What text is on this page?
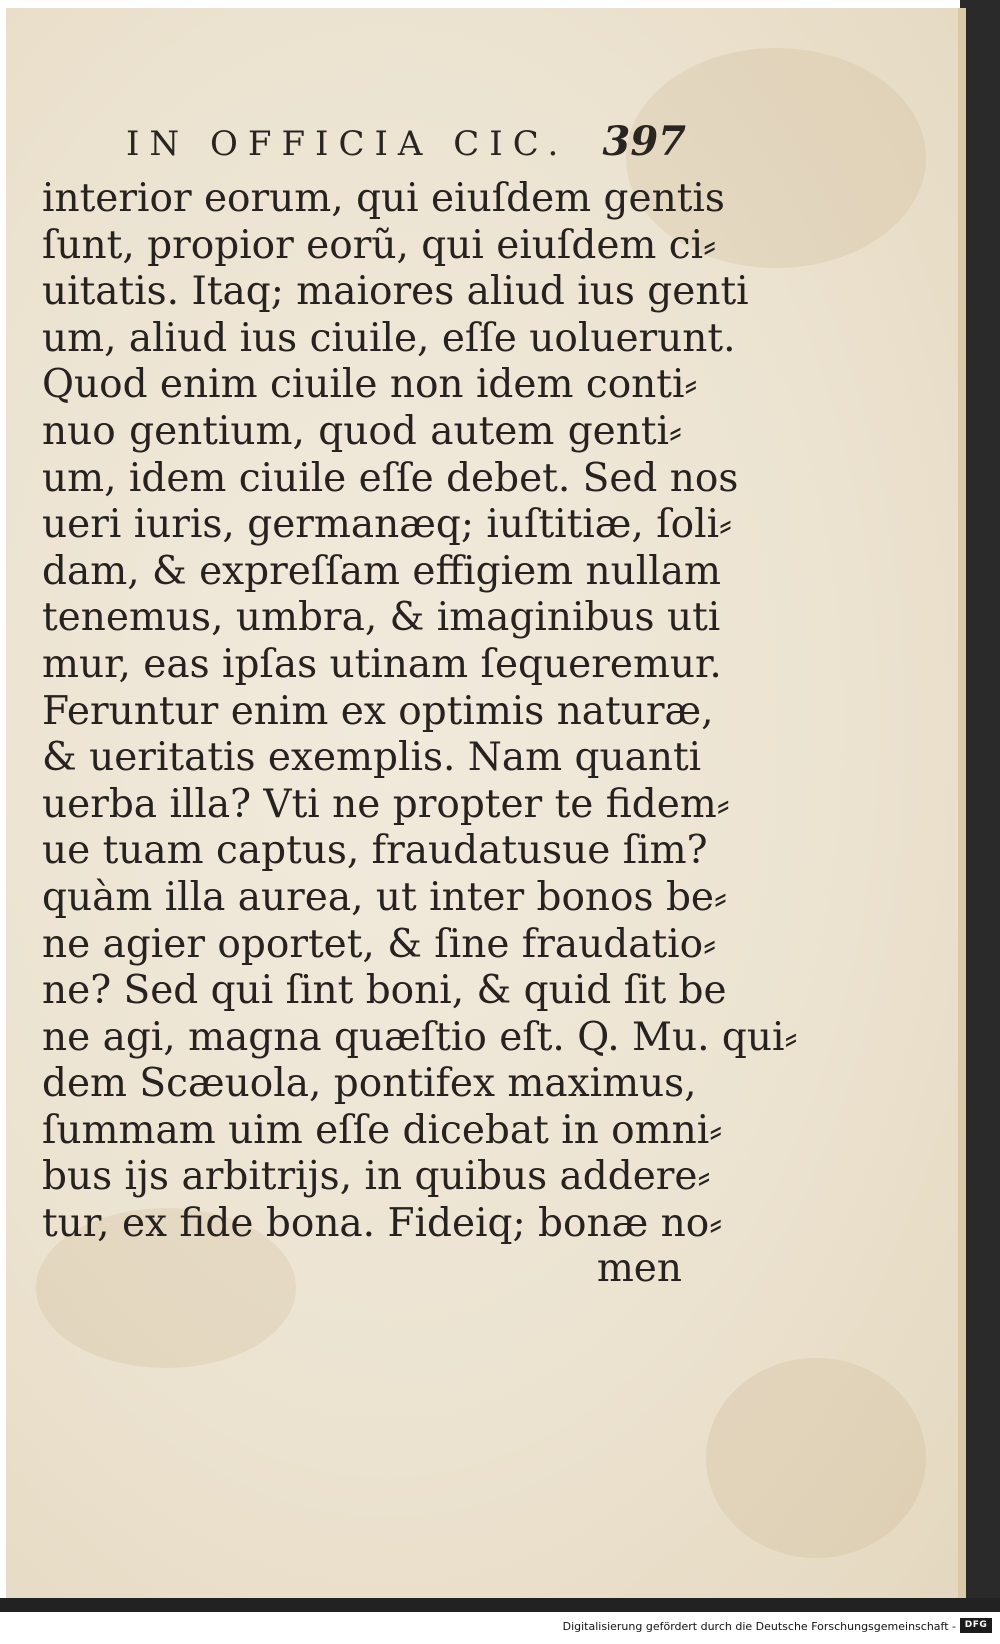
IN OFFICIA CIC. 397
interior eorum, qui eiuſdem gentis
ſunt, propior eorũ, qui eiuſdem ci⸗
uitatis. Itaq; maiores aliud ius genti
um, aliud ius ciuile, eſſe uoluerunt.
Quod enim ciuile non idem conti⸗
nuo gentium, quod autem genti⸗
um, idem ciuile eſſe debet. Sed nos
ueri iuris, germanæq; iuſtitiæ, ſoli⸗
dam, & expreſſam effigiem nullam
tenemus, umbra, & imaginibus uti
mur, eas ipſas utinam ſequeremur.
Feruntur enim ex optimis naturæ,
& ueritatis exemplis. Nam quanti
uerba illa? Vti ne propter te fidem⸗
ue tuam captus, fraudatusue ſim?
quàm illa aurea, ut inter bonos be⸗
ne agier oportet, & ſine fraudatio⸗
ne? Sed qui ſint boni, & quid ſit be
ne agi, magna quæſtio eſt. Q. Mu. qui⸗
dem Scæuola, pontifex maximus,
ſummam uim eſſe dicebat in omni⸗
bus ijs arbitrijs, in quibus addere⸗
tur, ex fide bona. Fideiq; bonæ no⸗
men
Digitalisierung gefördert durch die Deutsche Forschungsgemeinschaft - DFG
